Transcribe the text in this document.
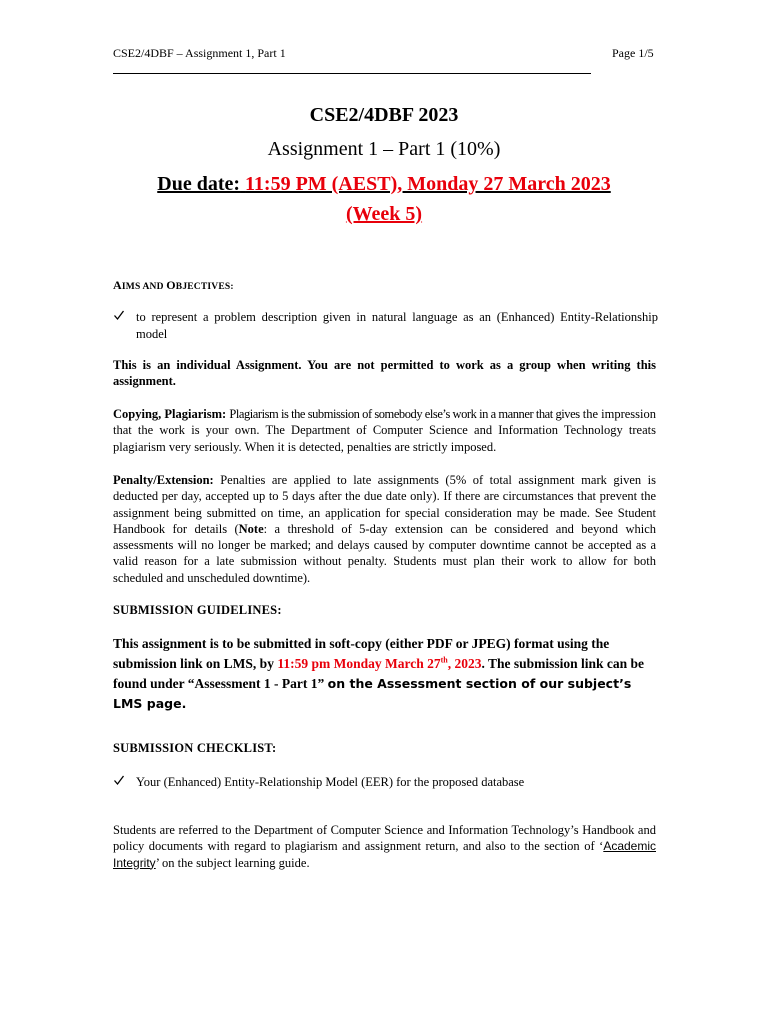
CSE2/4DBF – Assignment 1, Part 1	Page 1/5
CSE2/4DBF 2023
Assignment 1 – Part 1 (10%)
Due date: 11:59 PM (AEST), Monday 27 March 2023
(Week 5)
AIMS AND OBJECTIVES:
to represent a problem description given in natural language as an (Enhanced) Entity-Relationship model
This is an individual Assignment. You are not permitted to work as a group when writing this assignment.
Copying, Plagiarism: Plagiarism is the submission of somebody else’s work in a manner that gives the impression that the work is your own. The Department of Computer Science and Information Technology treats plagiarism very seriously. When it is detected, penalties are strictly imposed.
Penalty/Extension: Penalties are applied to late assignments (5% of total assignment mark given is deducted per day, accepted up to 5 days after the due date only). If there are circumstances that prevent the assignment being submitted on time, an application for special consideration may be made. See Student Handbook for details (Note: a threshold of 5-day extension can be considered and beyond which assessments will no longer be marked; and delays caused by computer downtime cannot be accepted as a valid reason for a late submission without penalty. Students must plan their work to allow for both scheduled and unscheduled downtime).
SUBMISSION GUIDELINES:
This assignment is to be submitted in soft-copy (either PDF or JPEG) format using the submission link on LMS, by 11:59 pm Monday March 27th, 2023. The submission link can be found under “Assessment 1 - Part 1” on the Assessment section of our subject’s LMS page.
SUBMISSION CHECKLIST:
Your (Enhanced) Entity-Relationship Model (EER) for the proposed database
Students are referred to the Department of Computer Science and Information Technology’s Handbook and policy documents with regard to plagiarism and assignment return, and also to the section of ‘Academic Integrity’ on the subject learning guide.
